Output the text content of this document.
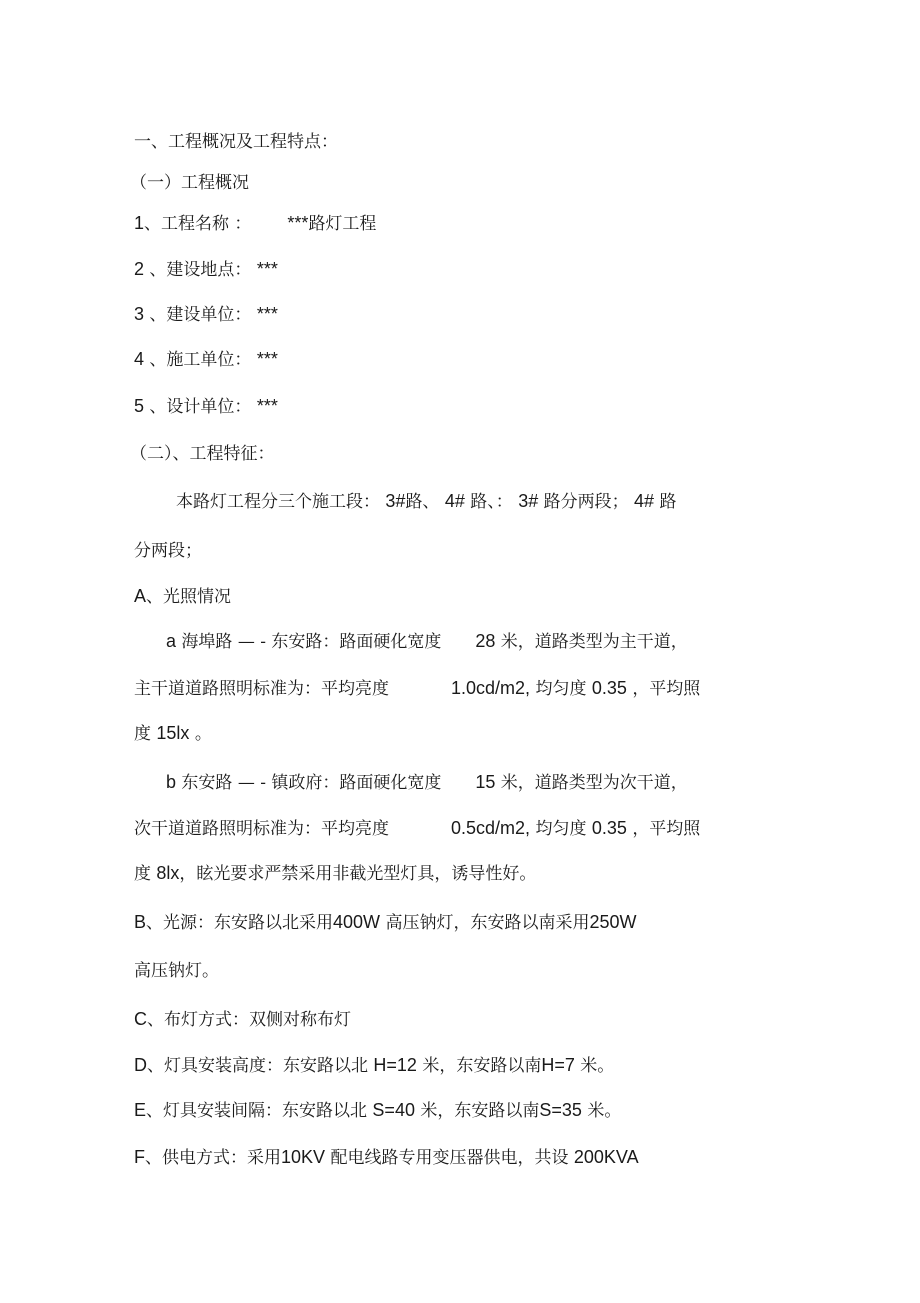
一、工程概况及工程特点：
（一）工程概况
1、工程名称 ： ***路灯工程
2 、建设地点： ***
3 、建设单位： ***
4 、施工单位： ***
5 、设计单位： ***
（二）、工程特征：
本路灯工程分三个施工段： 3#路、 4# 路、： 3# 路分两段； 4# 路
分两段；
A、光照情况
a 海埠路 — - 东安路：路面硬化宽度 28 米，道路类型为主干道，
主干道道路照明标准为：平均亮度	1.0cd/m2, 均匀度 0.35 ，平均照
度 15lx 。
b 东安路 — - 镇政府：路面硬化宽度 15 米，道路类型为次干道，
次干道道路照明标准为：平均亮度	0.5cd/m2, 均匀度 0.35 ，平均照
度 8lx，眩光要求严禁采用非截光型灯具，诱导性好。
B、光源：东安路以北采用400W 高压钠灯，东安路以南采用250W
高压钠灯。
C、布灯方式：双侧对称布灯
D、灯具安装高度：东安路以北 H=12 米，东安路以南H=7 米。
E、灯具安装间隔：东安路以北 S=40 米，东安路以南S=35 米。
F、供电方式：采用10KV 配电线路专用变压器供电，共设 200KVA
